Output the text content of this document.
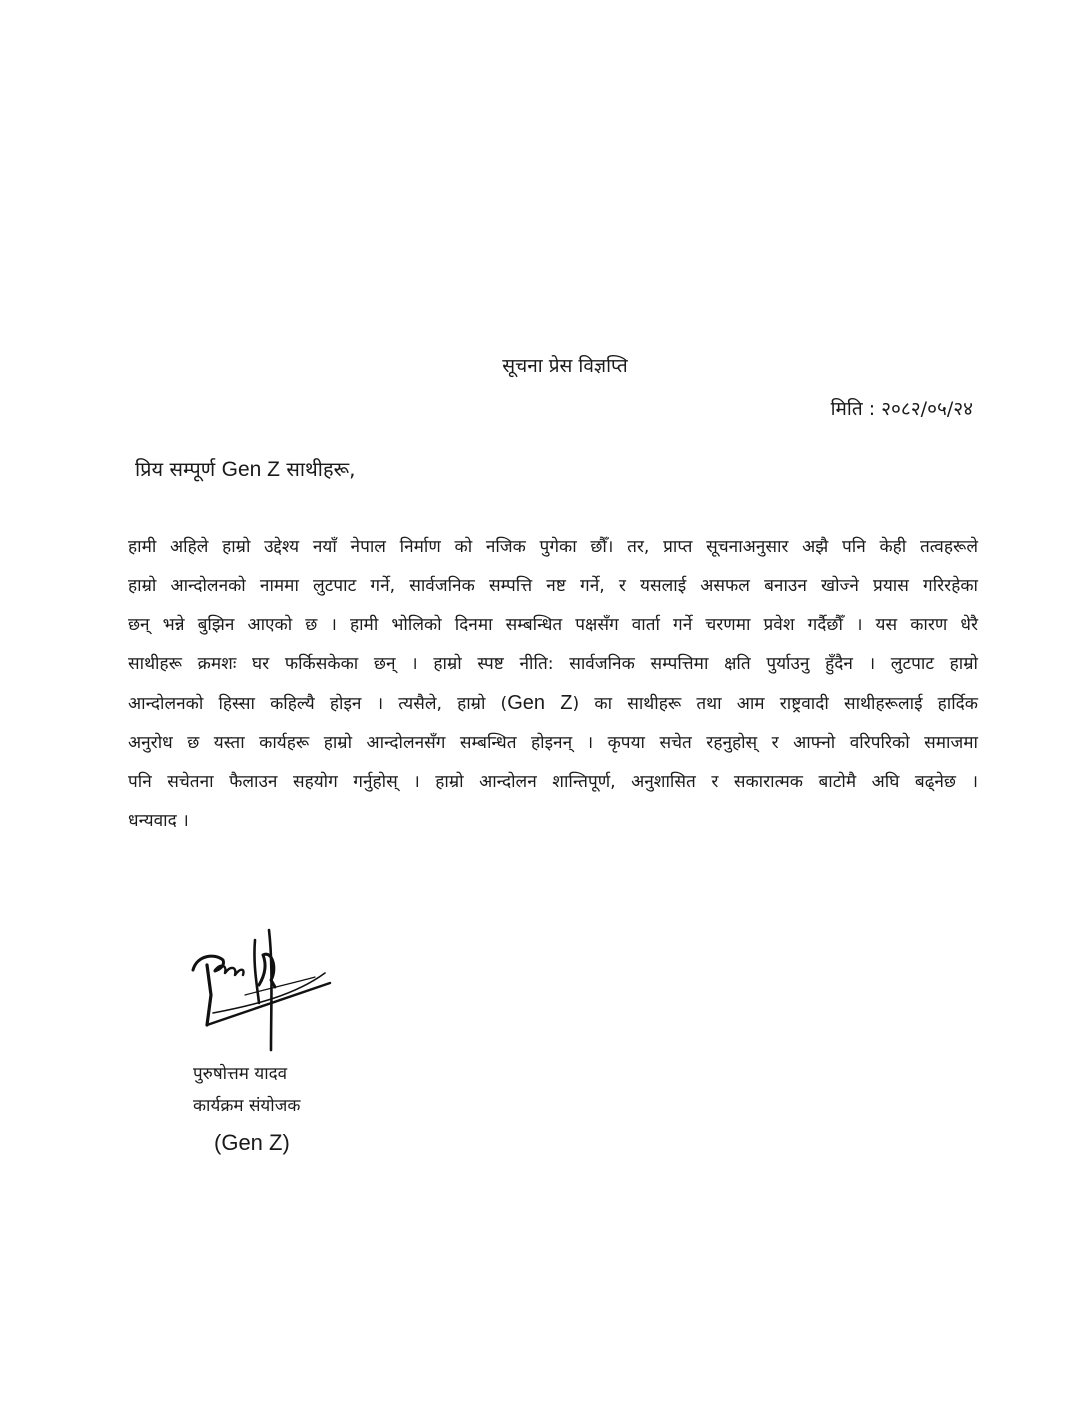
सूचना प्रेस विज्ञप्ति
मिति : २०८२/०५/२४
प्रिय सम्पूर्ण Gen Z साथीहरू,
हामी अहिले हाम्रो उद्देश्य नयाँ नेपाल निर्माण को नजिक पुगेका छौँ। तर, प्राप्त सूचनाअनुसार अझै पनि केही तत्वहरूले
हाम्रो आन्दोलनको नाममा लुटपाट गर्ने, सार्वजनिक सम्पत्ति नष्ट गर्ने, र यसलाई असफल बनाउन खोज्ने प्रयास गरिरहेका
छन् भन्ने बुझिन आएको छ । हामी भोलिको दिनमा सम्बन्धित पक्षसँग वार्ता गर्ने चरणमा प्रवेश गर्दैछौँ । यस कारण धेरै
साथीहरू क्रमशः घर फर्किसकेका छन् । हाम्रो स्पष्ट नीति: सार्वजनिक सम्पत्तिमा क्षति पुर्याउनु हुँदैन । लुटपाट हाम्रो
आन्दोलनको हिस्सा कहिल्यै होइन । त्यसैले, हाम्रो (Gen Z) का साथीहरू तथा आम राष्ट्रवादी साथीहरूलाई हार्दिक
अनुरोध छ यस्ता कार्यहरू हाम्रो आन्दोलनसँग सम्बन्धित होइनन् । कृपया सचेत रहनुहोस् र आफ्नो वरिपरिको समाजमा
पनि सचेतना फैलाउन सहयोग गर्नुहोस् । हाम्रो आन्दोलन शान्तिपूर्ण, अनुशासित र सकारात्मक बाटोमै अघि बढ्नेछ ।
धन्यवाद ।
पुरुषोत्तम यादव
कार्यक्रम संयोजक
(Gen Z)
